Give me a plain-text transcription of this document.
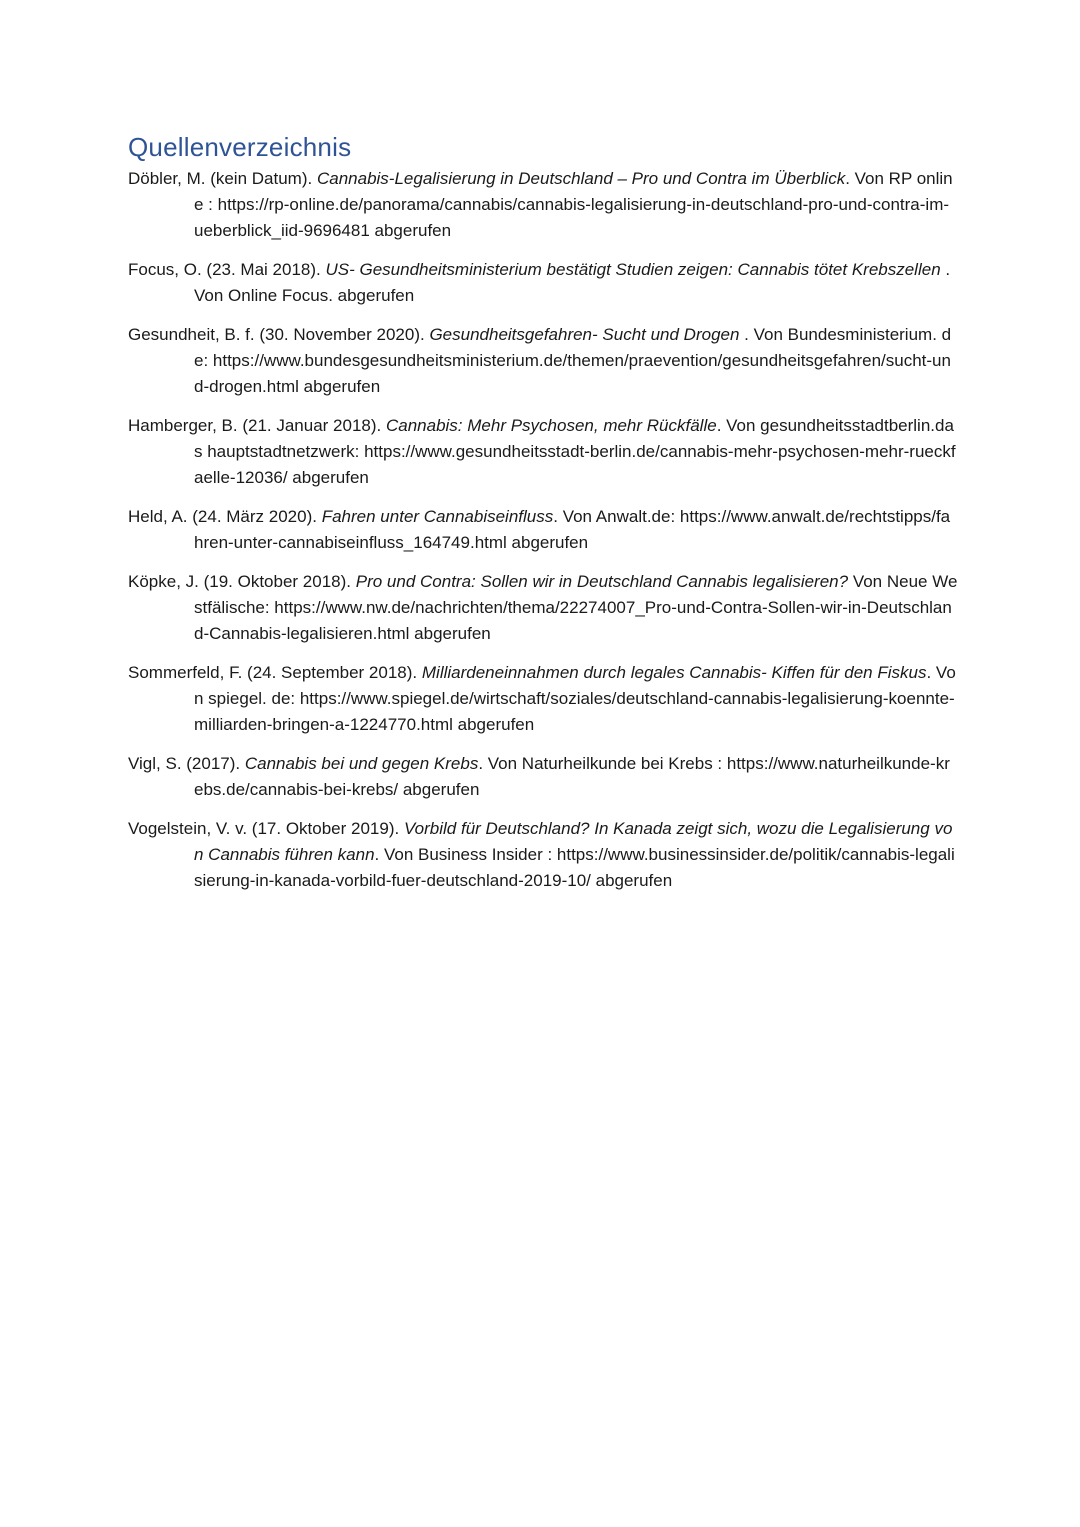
Quellenverzeichnis
Döbler, M. (kein Datum). Cannabis-Legalisierung in Deutschland – Pro und Contra im Überblick. Von RP online : https://rp-online.de/panorama/cannabis/cannabis-legalisierung-in-deutschland-pro-und-contra-im-ueberblick_iid-9696481 abgerufen
Focus, O. (23. Mai 2018). US- Gesundheitsministerium bestätigt Studien zeigen: Cannabis tötet Krebszellen . Von Online Focus. abgerufen
Gesundheit, B. f. (30. November 2020). Gesundheitsgefahren- Sucht und Drogen . Von Bundesministerium. de: https://www.bundesgesundheitsministerium.de/themen/praevention/gesundheitsgefahren/sucht-und-drogen.html abgerufen
Hamberger, B. (21. Januar 2018). Cannabis: Mehr Psychosen, mehr Rückfälle. Von gesundheitsstadtberlin.das hauptstadtnetzwerk: https://www.gesundheitsstadt-berlin.de/cannabis-mehr-psychosen-mehr-rueckfaelle-12036/ abgerufen
Held, A. (24. März 2020). Fahren unter Cannabiseinfluss. Von Anwalt.de: https://www.anwalt.de/rechtstipps/fahren-unter-cannabiseinfluss_164749.html abgerufen
Köpke, J. (19. Oktober 2018). Pro und Contra: Sollen wir in Deutschland Cannabis legalisieren? Von Neue Westfälische: https://www.nw.de/nachrichten/thema/22274007_Pro-und-Contra-Sollen-wir-in-Deutschland-Cannabis-legalisieren.html abgerufen
Sommerfeld, F. (24. September 2018). Milliardeneinnahmen durch legales Cannabis- Kiffen für den Fiskus. Von spiegel. de: https://www.spiegel.de/wirtschaft/soziales/deutschland-cannabis-legalisierung-koennte-milliarden-bringen-a-1224770.html abgerufen
Vigl, S. (2017). Cannabis bei und gegen Krebs. Von Naturheilkunde bei Krebs : https://www.naturheilkunde-krebs.de/cannabis-bei-krebs/ abgerufen
Vogelstein, V. v. (17. Oktober 2019). Vorbild für Deutschland? In Kanada zeigt sich, wozu die Legalisierung von Cannabis führen kann. Von Business Insider : https://www.businessinsider.de/politik/cannabis-legalisierung-in-kanada-vorbild-fuer-deutschland-2019-10/ abgerufen
